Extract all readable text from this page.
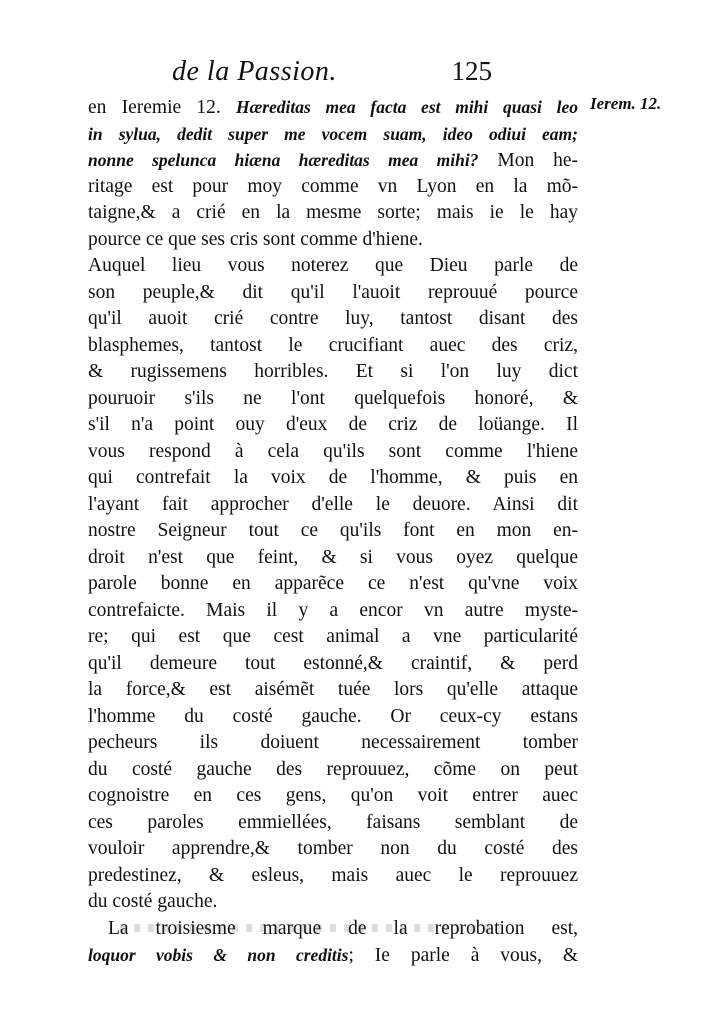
de la Passion.	125
Ierem. 12.
en Ieremie 12. Hæreditas mea facta est mihi quasi leo
in sylua, dedit super me vocem suam, ideo odiui eam;
nonne spelunca hiæna hæreditas mea mihi? Mon he-
ritage est pour moy comme vn Lyon en la mõ-
taigne,& a crié en la mesme sorte; mais ie le hay
pource ce que ses cris sont comme d'hiene.
Auquel lieu vous noterez que Dieu parle de
son peuple,& dit qu'il l'auoit reprouué pource
qu'il auoit crié contre luy, tantost disant des
blasphemes, tantost le crucifiant auec des criz,
& rugissemens horribles. Et si l'on luy dict
pouruoir s'ils ne l'ont quelquefois honoré, &
s'il n'a point ouy d'eux de criz de loüange. Il
vous respond à cela qu'ils sont comme l'hiene
qui contrefait la voix de l'homme, & puis en
l'ayant fait approcher d'elle le deuore. Ainsi dit
nostre Seigneur tout ce qu'ils font en mon en-
droit n'est que feint, & si vous oyez quelque
parole bonne en apparẽce ce n'est qu'vne voix
contrefaicte. Mais il y a encor vn autre myste-
re; qui est que cest animal a vne particularité
qu'il demeure tout estonné,& craintif, & perd
la force,& est aisémẽt tuée lors qu'elle attaque
l'homme du costé gauche. Or ceux-cy estans
pecheurs ils doiuent necessairement tomber
du costé gauche des reprouuez, cõme on peut
cognoistre en ces gens, qu'on voit entrer auec
ces paroles emmiellées, faisans semblant de
vouloir apprendre,& tomber non du costé des
predestinez, & esleus, mais auec le reprouuez
du costé gauche.
La troisiesme marque de la reprobation est,
loquor vobis & non creditis; Ie parle à vous, &
